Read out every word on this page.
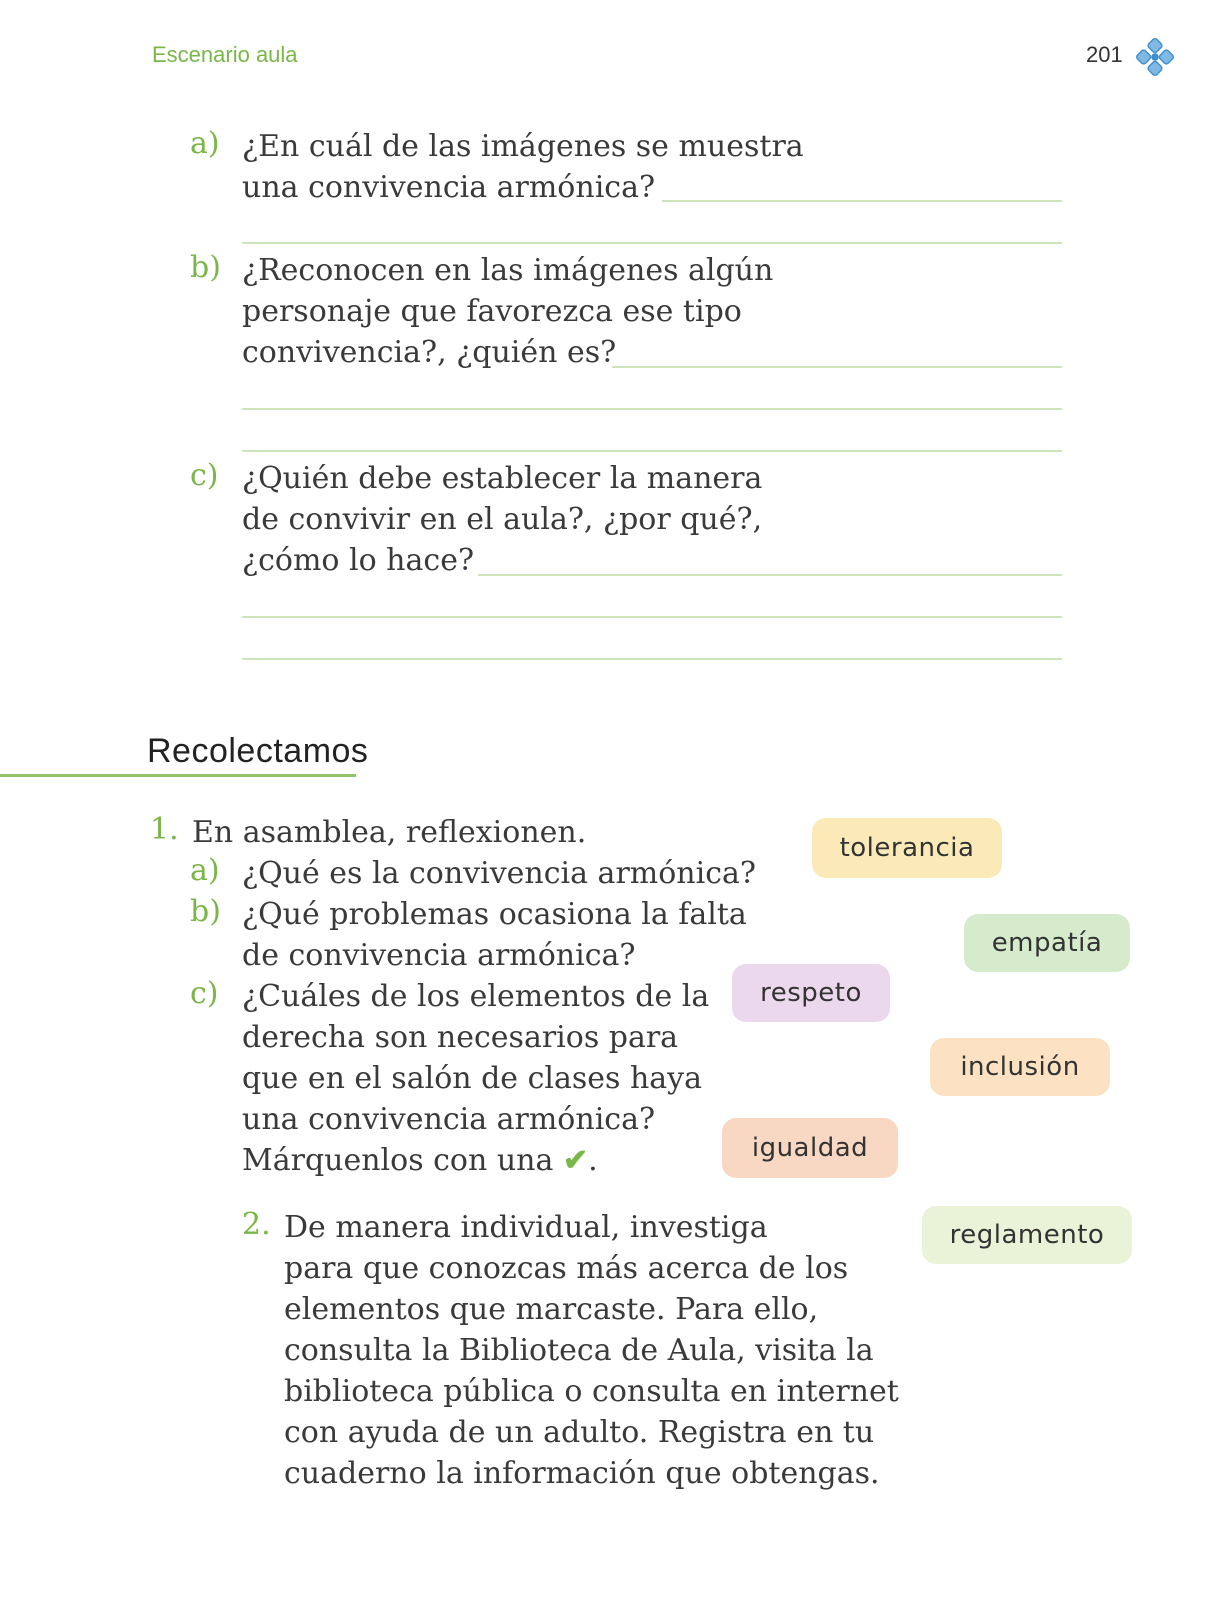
Escenario aula	201
a) ¿En cuál de las imágenes se muestra
una convivencia armónica?
b) ¿Reconocen en las imágenes algún
personaje que favorezca ese tipo
convivencia?, ¿quién es?
c) ¿Quién debe establecer la manera
de convivir en el aula?, ¿por qué?,
¿cómo lo hace?
Recolectamos
1. En asamblea, reflexionen.
a) ¿Qué es la convivencia armónica?
b) ¿Qué problemas ocasiona la falta
de convivencia armónica?
c) ¿Cuáles de los elementos de la
derecha son necesarios para
que en el salón de clases haya
una convivencia armónica?
Márquenlos con una ✔.
2. De manera individual, investiga
para que conozcas más acerca de los
elementos que marcaste. Para ello,
consulta la Biblioteca de Aula, visita la
biblioteca pública o consulta en internet
con ayuda de un adulto. Registra en tu
cuaderno la información que obtengas.
tolerancia
empatía
respeto
inclusión
igualdad
reglamento
